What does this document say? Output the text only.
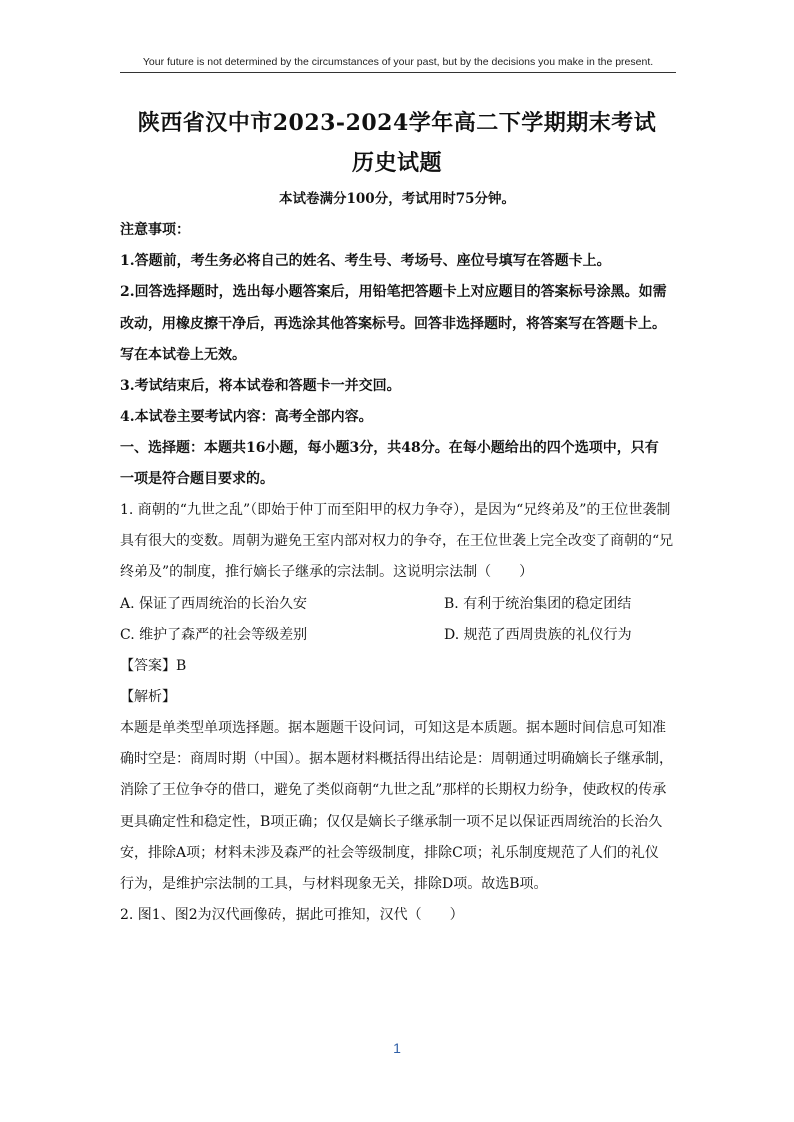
Your future is not determined by the circumstances of your past, but by the decisions you make in the present.
陕西省汉中市2023-2024学年高二下学期期末考试
历史试题
本试卷满分100分，考试用时75分钟。
注意事项：
1.答题前，考生务必将自己的姓名、考生号、考场号、座位号填写在答题卡上。
2.回答选择题时，选出每小题答案后，用铅笔把答题卡上对应题目的答案标号涂黑。如需
改动，用橡皮擦干净后，再选涂其他答案标号。回答非选择题时，将答案写在答题卡上。
写在本试卷上无效。
3.考试结束后，将本试卷和答题卡一并交回。
4.本试卷主要考试内容：高考全部内容。
一、选择题：本题共16小题，每小题3分，共48分。在每小题给出的四个选项中，只有
一项是符合题目要求的。
1. 商朝的“九世之乱”（即始于仲丁而至阳甲的权力争夺），是因为“兄终弟及”的王位世袭制
具有很大的变数。周朝为避免王室内部对权力的争夺，在王位世袭上完全改变了商朝的“兄
终弟及”的制度，推行嫡长子继承的宗法制。这说明宗法制（　　）
A. 保证了西周统治的长治久安	B. 有利于统治集团的稳定团结
C. 维护了森严的社会等级差别	D. 规范了西周贵族的礼仪行为
【答案】B
【解析】
本题是单类型单项选择题。据本题题干设问词，可知这是本质题。据本题时间信息可知准
确时空是：商周时期（中国）。据本题材料概括得出结论是：周朝通过明确嫡长子继承制，
消除了王位争夺的借口，避免了类似商朝“九世之乱”那样的长期权力纷争，使政权的传承
更具确定性和稳定性，B项正确；仅仅是嫡长子继承制一项不足以保证西周统治的长治久
安，排除A项；材料未涉及森严的社会等级制度，排除C项；礼乐制度规范了人们的礼仪
行为，是维护宗法制的工具，与材料现象无关，排除D项。故选B项。
2. 图1、图2为汉代画像砖，据此可推知，汉代（　　）
1
